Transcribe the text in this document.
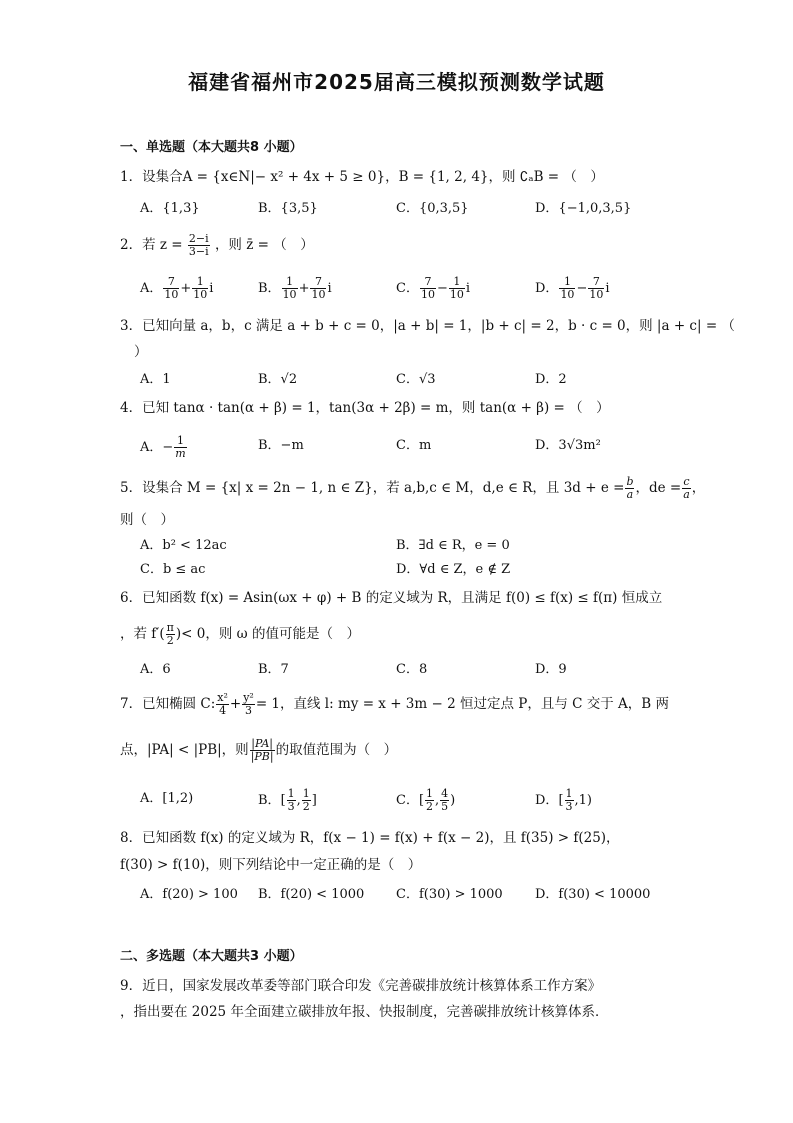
福建省福州市2025届高三模拟预测数学试题
一、单选题（本大题共8 小题）
1．设集合A = {x∈N|− x² + 4x + 5 ≥ 0}，B = {1, 2, 4}，则 ∁ₐB = （　）
A．{1,3}	B．{3,5}	C．{0,3,5}	D．{−1,0,3,5}
2．若 $z = \frac{2-i}{3-i}$ ，则 z̄ = （　）
A． $\frac{7}{10} + \frac{1}{10}$ i	B． $\frac{1}{10} + \frac{7}{10}$ i	C． $\frac{7}{10} - \frac{1}{10}$ i	D． $\frac{1}{10} - \frac{7}{10}$ i
3．已知向量 a，b，c 满足 a + b + c = 0，|a + b| = 1，|b + c| = 2，b · c = 0，则 |a + c| = （
）
A．1	B．√2	C．√3	D．2
4．已知 tanα · tan(α + β) = 1，tan(3α + 2β) = m，则 tan(α + β) = （　）
A．− $\frac{1}{m}$	B．−m	C．m	D．3√3m²
5．设集合 M = {x| x = 2n − 1, n ∈ Z}，若 a,b,c ∈ M，d,e ∈ R，且 $3d + e = \frac{b}{a}$ ，de = $\frac{c}{a}$ ，
则（　）
A．b² < 12ac	B．∃d ∈ R，e = 0
C．b ≤ ac	D．∀d ∈ Z，e ∉ Z
6．已知函数 f(x) = Asin(ωx + φ) + B 的定义域为 R，且满足 f(0) ≤ f(x) ≤ f(π) 恒成立
，若 $f'( \frac{\pi}{2}$ )< 0，则 ω 的值可能是（　）
A．6	B．7	C．8	D．9
7．已知椭圆 C: $\frac{\text{x²}}{4} + \frac{\text{y²}}{3} = 1$，直线 l: my = x + 3m − 2 恒过定点 P，且与 C 交于 A，B 两
点，|PA| < |PB|，则 $\frac{|PA|}{|PB|}$ 的取值范围为（　）
A．[1,2)	B．[ $\frac{1}{3}$ , $\frac{1}{2}$ ]	C．[ $\frac{1}{2}$ , $\frac{4}{5}$ )	D．[ $\frac{1}{3} ,1$)
8．已知函数 f(x) 的定义域为 R，f(x − 1) = f(x) + f(x − 2)，且 f(35) > f(25)，
f(30) > f(10)，则下列结论中一定正确的是（　）
A．f(20) > 100 B．f(20) < 1000 C．f(30) > 1000 D．f(30) < 10000
二、多选题（本大题共3 小题）
9．近日，国家发展改革委等部门联合印发《完善碳排放统计核算体系工作方案》
，指出要在 2025 年全面建立碳排放年报、快报制度，完善碳排放统计核算体系．
